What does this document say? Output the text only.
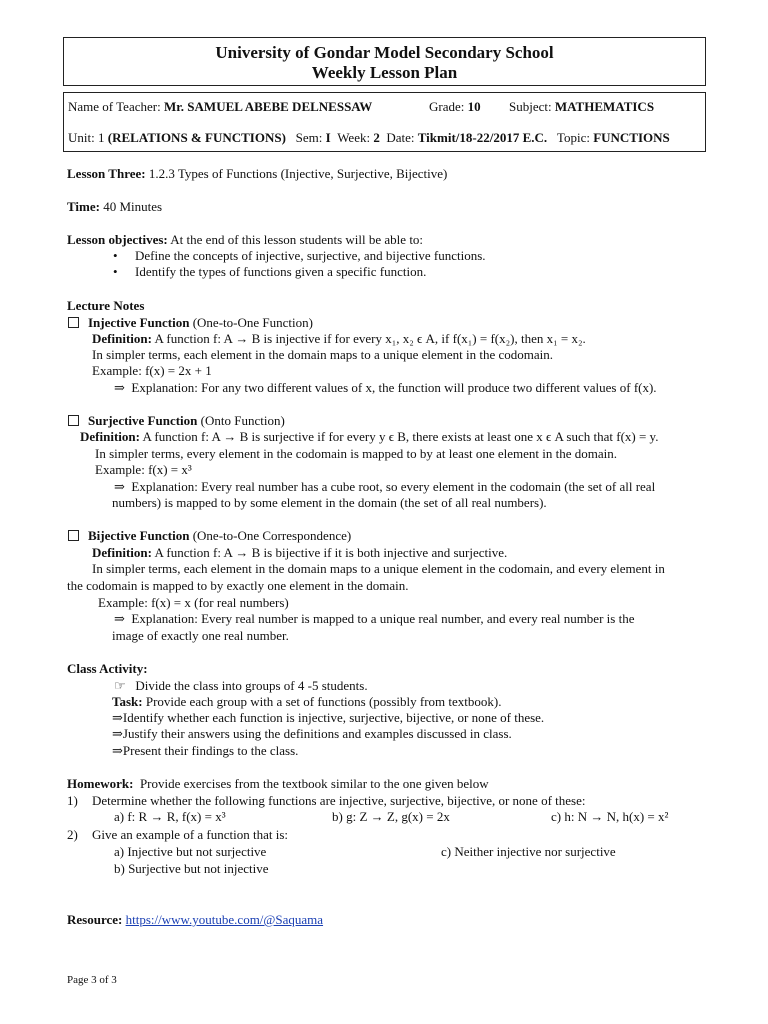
University of Gondar Model Secondary School
Weekly Lesson Plan
Name of Teacher: Mr. SAMUEL ABEBE DELNESSAW	Grade: 10 Subject: MATHEMATICS
Unit: 1 (RELATIONS & FUNCTIONS) Sem: I Week: 2 Date: Tikmit/18-22/2017 E.C. Topic: FUNCTIONS
Lesson Three: 1.2.3 Types of Functions (Injective, Surjective, Bijective)
Time: 40 Minutes
Lesson objectives: At the end of this lesson students will be able to:
• Define the concepts of injective, surjective, and bijective functions.
• Identify the types of functions given a specific function.
Lecture Notes
Injective Function (One-to-One Function)
Definition: A function f: A → B is injective if for every x₁, x₂ ϵ A, if f(x₁) = f(x₂), then x₁ = x₂.
In simpler terms, each element in the domain maps to a unique element in the codomain.
Example: f(x) = 2x + 1
⇒ Explanation: For any two different values of x, the function will produce two different values of f(x).
Surjective Function (Onto Function)
Definition: A function f: A → B is surjective if for every y ϵ B, there exists at least one x ϵ A such that f(x) = y.
In simpler terms, every element in the codomain is mapped to by at least one element in the domain.
Example: f(x) = x³
⇒ Explanation: Every real number has a cube root, so every element in the codomain (the set of all real
numbers) is mapped to by some element in the domain (the set of all real numbers).
Bijective Function (One-to-One Correspondence)
Definition: A function f: A → B is bijective if it is both injective and surjective.
In simpler terms, each element in the domain maps to a unique element in the codomain, and every element in
the codomain is mapped to by exactly one element in the domain.
Example: f(x) = x (for real numbers)
⇒ Explanation: Every real number is mapped to a unique real number, and every real number is the
image of exactly one real number.
Class Activity:
☞ Divide the class into groups of 4 -5 students.
Task: Provide each group with a set of functions (possibly from textbook).
⇒Identify whether each function is injective, surjective, bijective, or none of these.
⇒Justify their answers using the definitions and examples discussed in class.
⇒Present their findings to the class.
Homework: Provide exercises from the textbook similar to the one given below
1) Determine whether the following functions are injective, surjective, bijective, or none of these:
a) f: R → R, f(x) = x³	b) g: Z → Z, g(x) = 2x	c) h: N → N, h(x) = x²
2) Give an example of a function that is:
a) Injective but not surjective	c) Neither injective nor surjective
b) Surjective but not injective
Resource: https://www.youtube.com/@Saquama
Page 3 of 3
